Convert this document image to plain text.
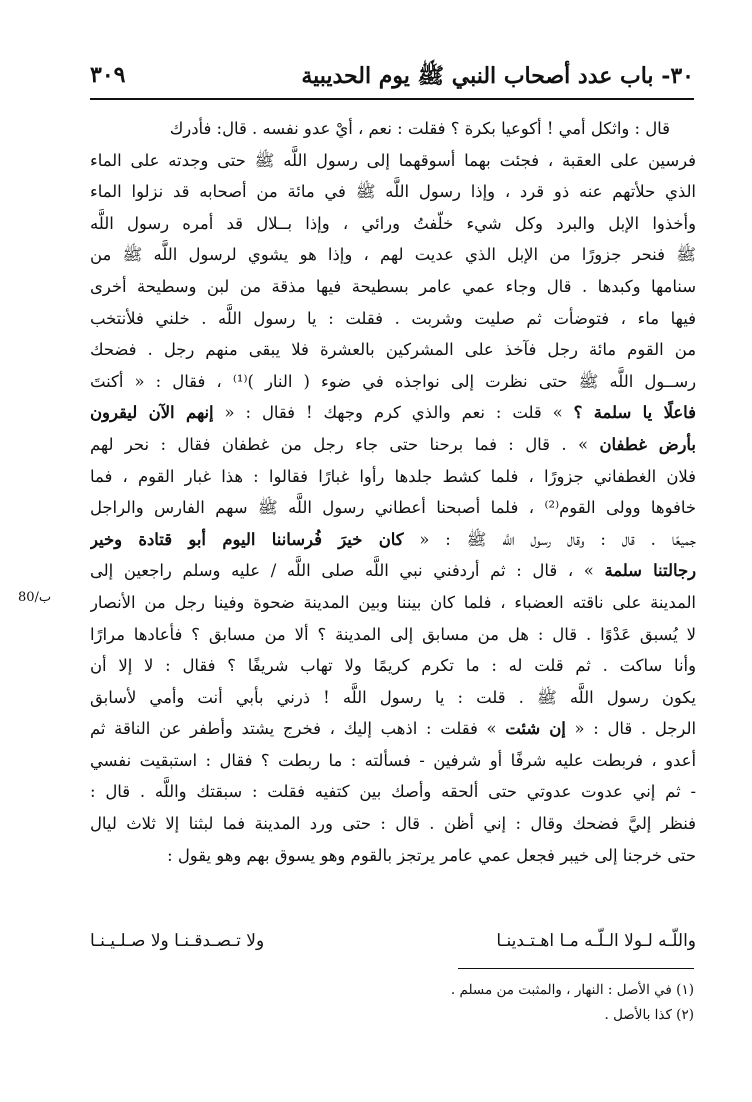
٣٠- باب عدد أصحاب النبي ﷺ يوم الحديبية
٣٠٩
80/ب
قال : واثكل أمي ! أكوعيا بكرة ؟ فقلت : نعم ، أيْ عدو نفسه . قال: فأدرك
فرسين على العقبة ، فجئت بهما أسوقهما إلى رسول اللَّه ﷺ حتى وجدته على الماء
الذي حلأتهم عنه ذو قرد ، وإذا رسول اللَّه ﷺ في مائة من أصحابه قد نزلوا الماء
وأخذوا الإبل والبرد وكل شيء خلّفتُ ورائي ، وإذا بــلال قد أمره رسول اللَّه
ﷺ فنحر جزورًا من الإبل الذي عديت لهم ، وإذا هو يشوي لرسول اللَّه ﷺ من
سنامها وكبدها . قال وجاء عمي عامر بسطيحة فيها مذقة من لبن وسطيحة أخرى
فيها ماء ، فتوضأت ثم صليت وشربت . فقلت : يا رسول اللَّه . خلني فلأنتخب
من القوم مائة رجل فآخذ على المشركين بالعشرة فلا يبقى منهم رجل . فضحك
رســول اللَّه ﷺ حتى نظرت إلى نواجذه في ضوء ( النار )⁽¹⁾ ، فقال : « أكنتَ
فاعلًا يا سلمة ؟ » قلت : نعم والذي كرم وجهك ! فقال : « إنهم الآن ليقرون
بأرض غطفان » . قال : فما برحنا حتى جاء رجل من غطفان فقال : نحر لهم
فلان الغطفاني جزورًا ، فلما كشط جلدها رأوا غبارًا فقالوا : هذا غبار القوم ، فما
خافوها وولى القوم⁽²⁾ ، فلما أصبحنا أعطاني رسول اللَّه ﷺ سهم الفارس والراجل
جميعًا . قال : وقال رسول اللَّه ﷺ : « كان خيرَ فُرساننا اليوم أبو قتادة وخير
رجالتنا سلمة » ، قال : ثم أردفني نبي اللَّه صلى اللَّه / عليه وسلم راجعين إلى
المدينة على ناقته العضباء ، فلما كان بيننا وبين المدينة ضحوة وفينا رجل من الأنصار
لا يُسبق عَدْوًا . قال : هل من مسابق إلى المدينة ؟ ألا من مسابق ؟ فأعادها مرارًا
وأنا ساكت . ثم قلت له : ما تكرم كريمًا ولا تهاب شريفًا ؟ فقال : لا إلا أن
يكون رسول اللَّه ﷺ . قلت : يا رسول اللَّه ! ذرني بأبي أنت وأمي لأسابق
الرجل . قال : « إن شئت » فقلت : اذهب إليك ، فخرج يشتد وأطفر عن الناقة ثم
أعدو ، فربطت عليه شرفًا أو شرفين - فسألته : ما ربطت ؟ فقال : استبقيت نفسي
- ثم إني عدوت عدوتي حتى ألحقه وأصك بين كتفيه فقلت : سبقتك واللَّه . قال :
فنظر إليَّ فضحك وقال : إني أظن . قال : حتى ورد المدينة فما لبثنا إلا ثلاث ليال
حتى خرجنا إلى خيبر فجعل عمي عامر يرتجز بالقوم وهو يسوق بهم وهو يقول :
واللّـه لـولا الـلّـه مـا اهـتـدينـا
ولا تـصـدقـنـا ولا صـلـيـنـا
(١) في الأصل : النهار ، والمثبت من مسلم .
(٢) كذا بالأصل .
